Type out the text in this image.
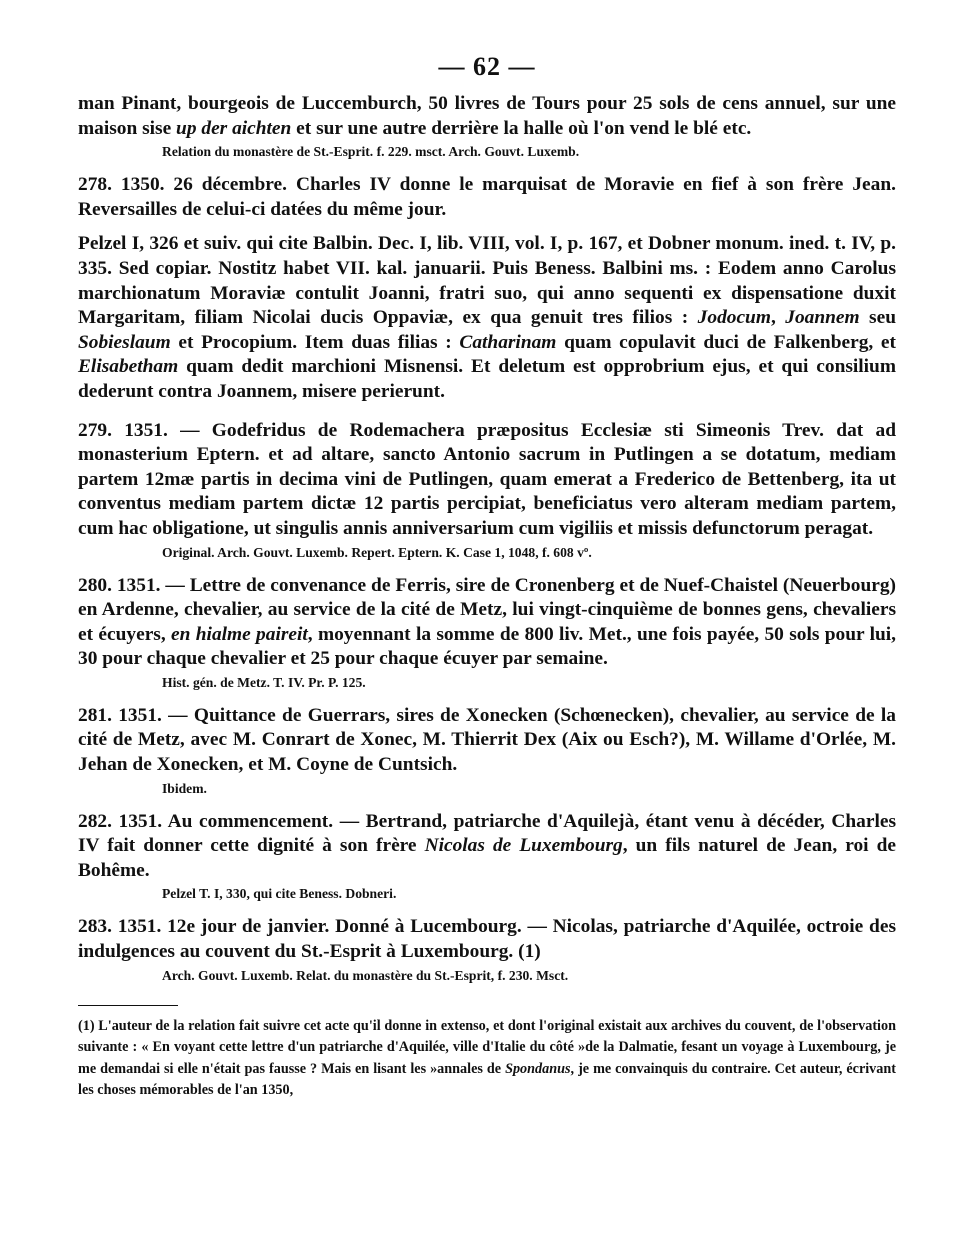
— 62 —

man Pinant, bourgeois de Luccemburch, 50 livres de Tours pour 25 sols de cens annuel, sur une maison sise up der aichten et sur une autre derrière la halle où l'on vend le blé etc.

Relation du monastère de St.-Esprit. f. 229. msct. Arch. Gouvt. Luxemb.

278. 1350. 26 décembre. Charles IV donne le marquisat de Moravie en fief à son frère Jean. Reversailles de celui-ci datées du même jour.

Pelzel I, 326 et suiv. qui cite Balbin. Dec. I, lib. VIII, vol. I, p. 167, et Dobner monum. ined. t. IV, p. 335. Sed copiar. Nostitz habet VII. kal. januarii. Puis Beness. Balbini ms. : Eodem anno Carolus marchionatum Moraviæ contulit Joanni, fratri suo, qui anno sequenti ex dispensatione duxit Margaritam, filiam Nicolai ducis Oppaviæ, ex qua genuit tres filios : Jodocum, Joannem seu Sobieslaum et Procopium. Item duas filias : Catharinam quam copulavit duci de Falkenberg, et Elisabetham quam dedit marchioni Misnensi. Et deletum est opprobrium ejus, et qui consilium dederunt contra Joannem, misere perierunt.

279. 1351. — Godefridus de Rodemachera præpositus Ecclesiæ sti Simeonis Trev. dat ad monasterium Eptern. et ad altare, sancto Antonio sacrum in Putlingen a se dotatum, mediam partem 12mæ partis in decima vini de Putlingen, quam emerat a Frederico de Bettenberg, ita ut conventus mediam partem dictæ 12 partis percipiat, beneficiatus vero alteram mediam partem, cum hac obligatione, ut singulis annis anniversarium cum vigiliis et missis defunctorum peragat.

Original. Arch. Gouvt. Luxemb. Repert. Eptern. K. Case 1, 1048, f. 608 vº.

280. 1351. — Lettre de convenance de Ferris, sire de Cronenberg et de Nuef-Chaistel (Neuerbourg) en Ardenne, chevalier, au service de la cité de Metz, lui vingt-cinquième de bonnes gens, chevaliers et écuyers, en hialme paireit, moyennant la somme de 800 liv. Met., une fois payée, 50 sols pour lui, 30 pour chaque chevalier et 25 pour chaque écuyer par semaine.

Hist. gén. de Metz. T. IV. Pr. P. 125.

281. 1351. — Quittance de Guerrars, sires de Xonecken (Schœnecken), chevalier, au service de la cité de Metz, avec M. Conrart de Xonec, M. Thierrit Dex (Aix ou Esch?), M. Willame d'Orlée, M. Jehan de Xonecken, et M. Coyne de Cuntsich.

Ibidem.

282. 1351. Au commencement. — Bertrand, patriarche d'Aquilejà, étant venu à décéder, Charles IV fait donner cette dignité à son frère Nicolas de Luxembourg, un fils naturel de Jean, roi de Bohême.

Pelzel T. I, 330, qui cite Beness. Dobneri.

283. 1351. 12e jour de janvier. Donné à Lucembourg. — Nicolas, patriarche d'Aquilée, octroie des indulgences au couvent du St.-Esprit à Luxembourg. (1)

Arch. Gouvt. Luxemb. Relat. du monastère du St.-Esprit, f. 230. Msct.

(1) L'auteur de la relation fait suivre cet acte qu'il donne in extenso, et dont l'original existait aux archives du couvent, de l'observation suivante : « En voyant cette lettre d'un patriarche d'Aquilée, ville d'Italie du côté »de la Dalmatie, fesant un voyage à Luxembourg, je me demandai si elle n'était pas fausse ? Mais en lisant les »annales de Spondanus, je me convainquis du contraire. Cet auteur, écrivant les choses mémorables de l'an 1350,
